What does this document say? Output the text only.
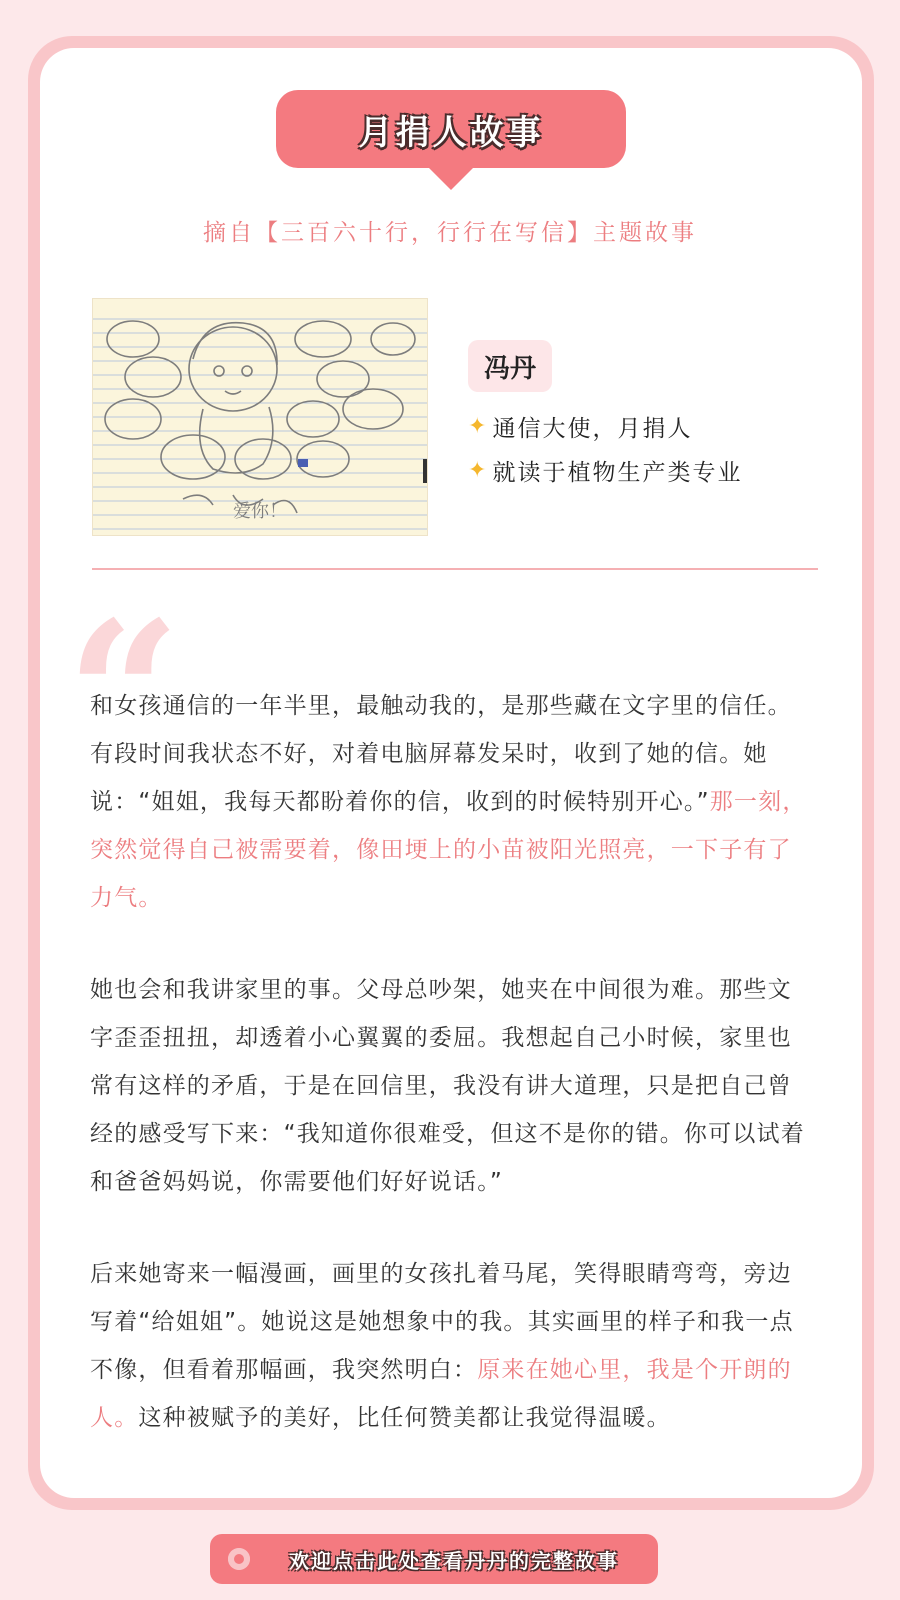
月捐人故事
摘自【三百六十行，行行在写信】主题故事
爱你！
冯丹
✦ 通信大使，月捐人
✦ 就读于植物生产类专业
“
和女孩通信的一年半里，最触动我的，是那些藏在文字里的信任。有段时间我状态不好，对着电脑屏幕发呆时，收到了她的信。她说：“姐姐，我每天都盼着你的信，收到的时候特别开心。”那一刻，突然觉得自己被需要着，像田埂上的小苗被阳光照亮，一下子有了力气。
她也会和我讲家里的事。父母总吵架，她夹在中间很为难。那些文字歪歪扭扭，却透着小心翼翼的委屈。我想起自己小时候，家里也常有这样的矛盾，于是在回信里，我没有讲大道理，只是把自己曾经的感受写下来：“我知道你很难受，但这不是你的错。你可以试着和爸爸妈妈说，你需要他们好好说话。”
后来她寄来一幅漫画，画里的女孩扎着马尾，笑得眼睛弯弯，旁边写着“给姐姐”。她说这是她想象中的我。其实画里的样子和我一点不像，但看着那幅画，我突然明白：原来在她心里，我是个开朗的人。这种被赋予的美好，比任何赞美都让我觉得温暖。
欢迎点击此处查看丹丹的完整故事
